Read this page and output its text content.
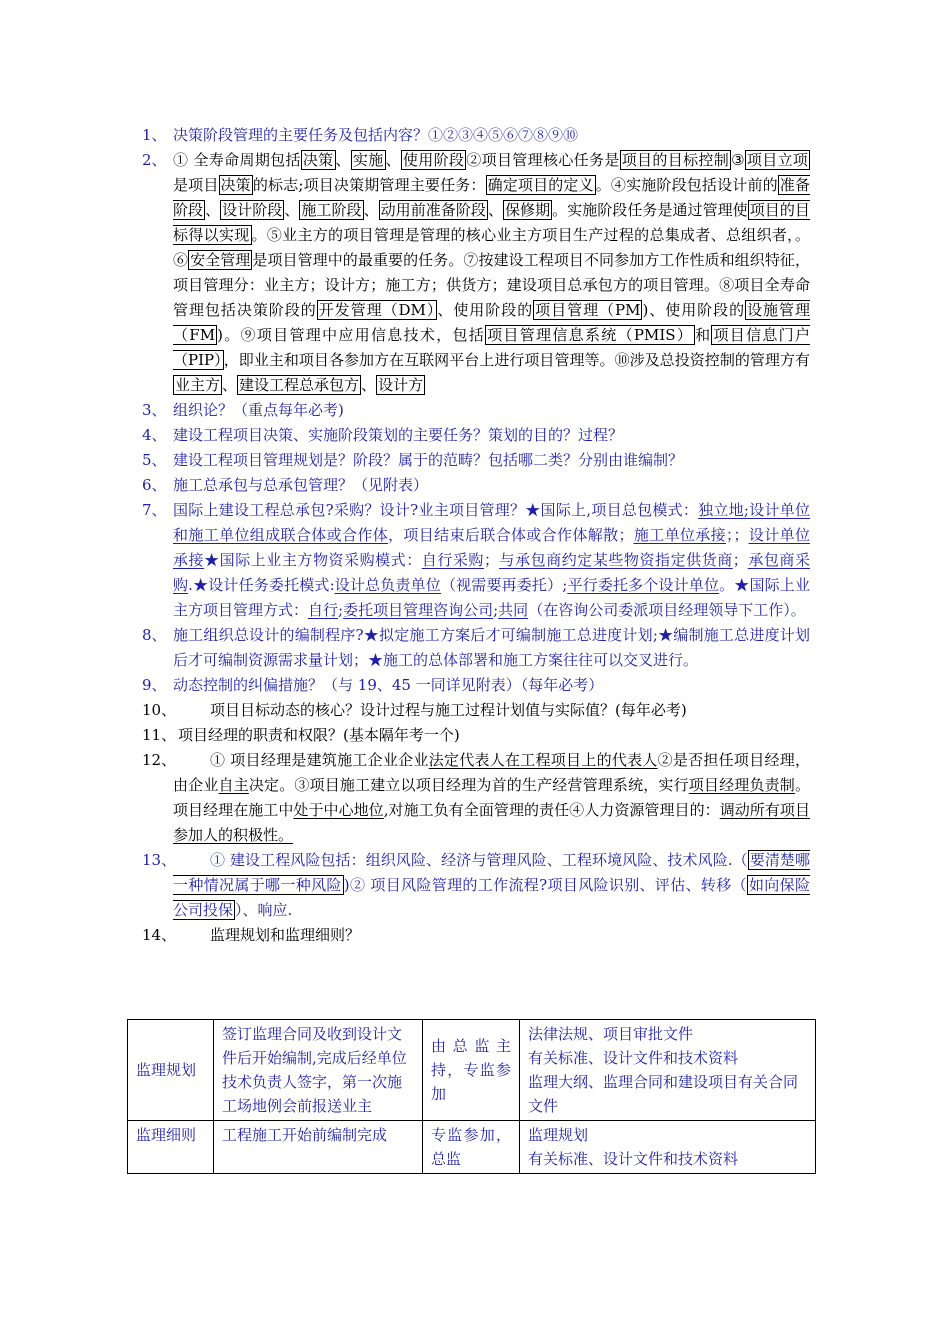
1、 决策阶段管理的主要任务及包括内容？①②③④⑤⑥⑦⑧⑨⑩
2、 ① 全寿命周期包括 决策 、 实施 、 使用阶段 ②项目管理核心任务是 项目的目标控制 ③ 项目立项是项目 决策 的标志;项目决策期管理主要任务： 确定项目的定义 。④实施阶段包括设计前的 准备阶段 、 设计阶段 、 施工阶段 、 动用前准备阶段 、 保修期 。实施阶段任务是通过管理使 项目的目标得以实现 。⑤业主方的项目管理是管理的核心业主方项目生产过程的总集成者、总组织者，。⑥ 安全管理 是项目管理中的最重要的任务。⑦按建设工程项目不同参加方工作性质和组织特征，项目管理分：业主方；设计方；施工方；供货方；建设项目总承包方的项目管理。⑧项目全寿命管理包括决策阶段的 开发管理（DM） 、使用阶段的 项目管理（PM )、使用阶段的 设施管理（FM )。⑨项目管理中应用信息技术，包括 项目管理信息系统（PMIS） 和 项目信息门户（PIP） ，即业主和项目各参加方在互联网平台上进行项目管理等。⑩涉及总投资控制的管理方有业主方 、 建设工程总承包方 、 设计方
3、 组织论？（重点每年必考)
4、 建设工程项目决策、实施阶段策划的主要任务？策划的目的？过程？
5、 建设工程项目管理规划是？阶段？属于的范畴？包括哪二类？分别由谁编制？
6、 施工总承包与总承包管理？（见附表）
7、 国际上建设工程总承包?采购？设计?业主项目管理？★国际上,项目总包模式：独立地;设计单位和施工单位组成联合体或合作体，项目结束后联合体或合作体解散；施工单位承接；；设计单位承接★国际上业主方物资采购模式：自行采购；与承包商约定某些物资指定供货商；承包商采购.★设计任务委托模式:设计总负责单位（视需要再委托）;平行委托多个设计单位。★国际上业主方项目管理方式：自行;委托项目管理咨询公司;共同（在咨询公司委派项目经理领导下工作）。
8、 施工组织总设计的编制程序?★拟定施工方案后才可编制施工总进度计划;★编制施工总进度计划后才可编制资源需求量计划；★施工的总体部署和施工方案往往可以交叉进行。
9、 动态控制的纠偏措施？（与 19、45 一同详见附表）（每年必考）
10、	项目目标动态的核心？设计过程与施工过程计划值与实际值？(每年必考)
11、 项目经理的职责和权限？(基本隔年考一个)
12、	① 项目经理是建筑施工企业企业法定代表人在工程项目上的代表人②是否担任项目经理，由企业自主决定。③项目施工建立以项目经理为首的生产经营管理系统，实行项目经理负责制。项目经理在施工中处于中心地位,对施工负有全面管理的责任④人力资源管理目的：调动所有项目参加人的积极性。
13、	① 建设工程风险包括：组织风险、经济与管理风险、工程环境风险、技术风险.（ 要清楚哪一种情况属于哪一种风险 )② 项目风险管理的工作流程?项目风险识别、评估、转移（ 如向保险公司投保 ）、响应.
14、	监理规划和监理细则？
监理规划	签订监理合同及收到设计文件后开始编制,完成后经单位技术负责人签字，第一次施工场地例会前报送业主	由总监主持，专监参加	法律法规、项目审批文件
有关标准、设计文件和技术资料
监理大纲、监理合同和建设项目有关合同文件

监理细则	工程施工开始前编制完成	专监参加，总监	监理规划
有关标准、设计文件和技术资料
